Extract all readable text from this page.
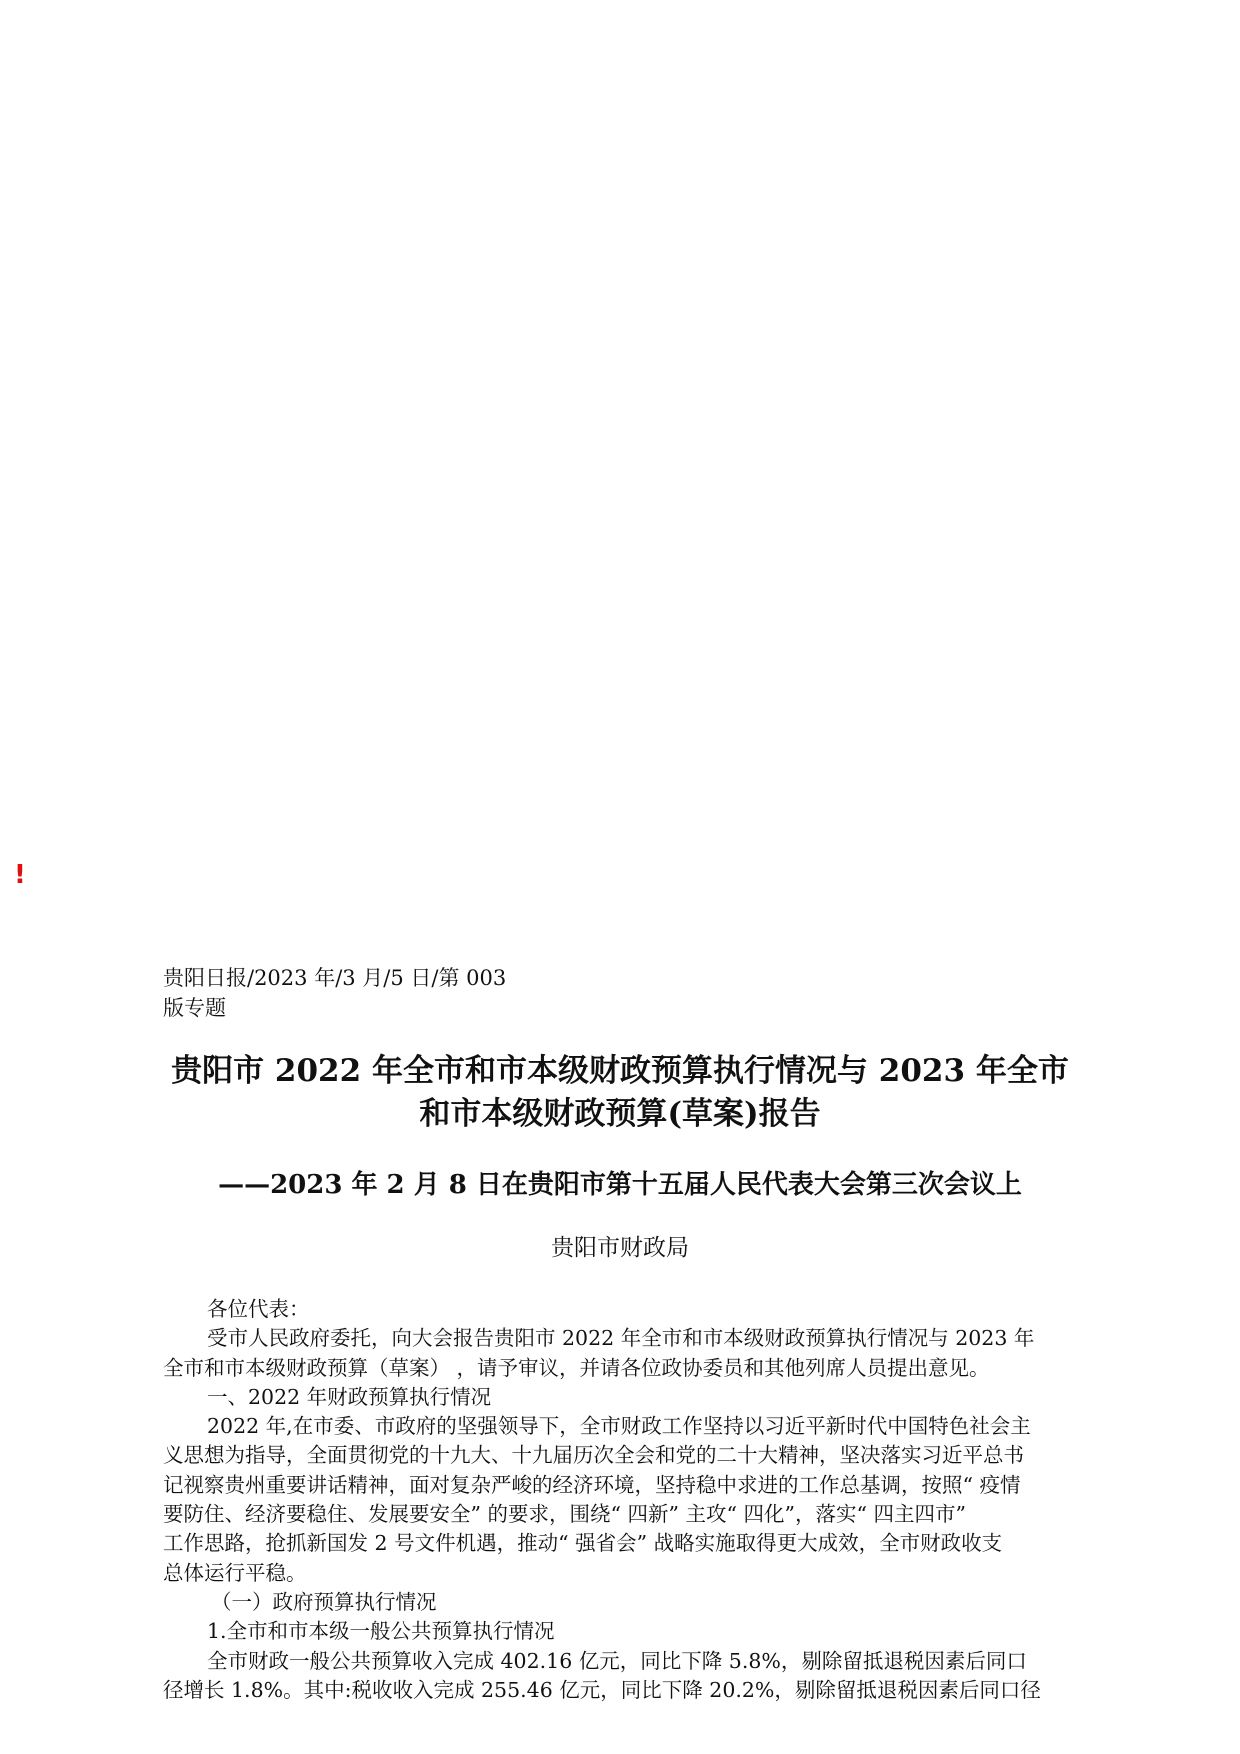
!
贵阳日报/2023 年/3 月/5 日/第 003
版专题

贵阳市 2022 年全市和市本级财政预算执行情况与 2023 年全市

和市本级财政预算(草案)报告

——2023 年 2 月 8 日在贵阳市第十五届人民代表大会第三次会议上
贵阳市财政局

各位代表：

受市人民政府委托，向大会报告贵阳市 2022 年全市和市本级财政预算执行情况与 2023 年
全市和市本级财政预算（草案） ，请予审议，并请各位政协委员和其他列席人员提出意见。

一、2022 年财政预算执行情况

2022 年,在市委、市政府的坚强领导下，全市财政工作坚持以习近平新时代中国特色社会主
义思想为指导，全面贯彻党的十九大、十九届历次全会和党的二十大精神，坚决落实习近平总书
记视察贵州重要讲话精神，面对复杂严峻的经济环境，坚持稳中求进的工作总基调，按照“ 疫情
要防住、经济要稳住、发展要安全” 的要求，围绕“ 四新” 主攻“ 四化”，落实“ 四主四市”
工作思路，抢抓新国发 2 号文件机遇，推动“ 强省会” 战略实施取得更大成效，全市财政收支
总体运行平稳。

（一）政府预算执行情况

1.全市和市本级一般公共预算执行情况

全市财政一般公共预算收入完成 402.16 亿元，同比下降 5.8%，剔除留抵退税因素后同口
径增长 1.8%。其中:税收收入完成 255.46 亿元，同比下降 20.2%，剔除留抵退税因素后同口径
